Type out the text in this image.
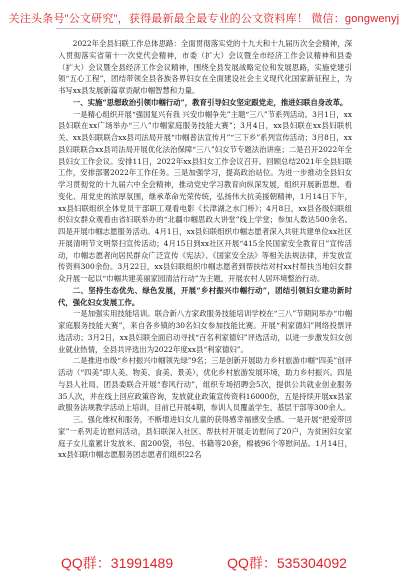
关注头条号"公文研究"，获得最新最全最专业的公文资料库！ 微信：gongwenyj

2022年全县妇联工作总体思路：全面贯彻落实党的十九大和十九届历次全会精神，深入贯彻落实省第十一次党代会精神，市委（扩大）会议暨全市经济工作会议精神和县委（扩大）会议暨全县经济工作会议精神，围绕全县发展战略定位和发展思路，实施党建引领“五心工程”，团结带领全县各族各界妇女在全面建设社会主义现代化国家新征程上，为书写xx县发展新篇章贡献巾帼智慧和力量。

一、实施“思想政治引领巾帼行动”，教育引导妇女坚定跟党走，推进妇联自身改革。

一是精心组织开展“强国复兴有我 兴安巾帼争先”主题“三八”节系列活动。3月1日，xx县妇联在xx广场举办“三八”巾帼家庭服务技能大赛”；3月4日，xx县妇联在xx县妇联机关、xx县妇联联合xx县司法局开展“巾帼普法宣传月”“三下乡”系列宣传活动；3月8日，xx县妇联联合xx县司法局开展优化法治保障“三八”妇女节专题法治讲座；二是召开2022年全县妇女工作会议。安排11日，2022年xx县妇女工作会议召开。回顾总结2021年全县妇联工作，安排部署2022年工作任务。三是加强学习，提高政治站位。为进一步推动全县妇女学习贯彻党的十九届六中全会精神，推动党史学习教育向纵深发展，组织开展新思想、看变化、用党史的浓厚氛围，继承革命光荣传统，弘扬伟大抗美援朝精神，1月14日下午，xx县妇联组织全体党员干部职工观看电影《长津湖之水门桥》；4月8日，xx县各级妇联组织妇女群众观看由省妇联举办的“北疆巾帼思政大讲堂”线上学堂；参加人数达500余名。四是开展巾帼志愿服务活动。4月1日，xx县妇联组织巾帼志愿者深入共驻共建单位xx社区开展清明节文明祭扫宣传活动；4月15日到xx社区开展“415全民国家安全教育日”宣传活动，巾帼志愿者向居民群众广泛宣传《宪法》、《国家安全法》等相关法规法律，并发放宣传资料300余份。3月22日，xx县妇联组织巾帼志愿者到帮扶结对村xx村帮扶当地妇女群众开展一起以“巾帼共建美丽家园清洁行动”为主题，开展农村人居环境整治行动。

二、坚持生态优先、绿色发展，开展“乡村振兴巾帼行动”，团结引领妇女建功新时代，强化妇女发展工作。

一是加强实用技能培训。联合新八方家政服务技能培训学校在“三八”节期间举办“巾帼家庭服务技能大赛”，来自各乡镇的30名妇女参加技能比赛。开展“利家德妇”网络投票评选活动；3月2日，xx县妇联全面启动寻找“百名利家德妇”评选活动，以进一步激发妇女创业就业热情，全县共评选出为2022年度xx县“利家德妇”。

二是推进市级“乡村振兴巾帼领先绿”9名；三是创新开展助力乡村旅游巾帼“四美”创评活动（“四美”即人美、物美、食美、景美），优化乡村旅游发展环境，助力乡村振兴。四是与县人社局、团县委联合开展“春风行动”，组织专场招聘会5次，提供公共就业创业服务35人次，并在线上回应政策咨询，发放就业政策宣传资料16000份，五是持续开展xx县家政服务法规教学活动上培训，目前已开展4期，参训人员覆盖学生、基层干部等300余人。

三、强化维权和服务，不断增进妇女儿童的获得感幸福感安全感。一是开展“把爱带回家”一系列走访慰问活动，县妇联深入社区、帮扶村开展走访慰问了20户，为贫困妇女家庭子女儿童累计发放米、面200袋，书包、书籍等20套，棉被96个等慰问品。1月14日，xx县妇联巾帼志愿服务团志愿者们组织22名

QQ群：31991489	QQ群：535304092
